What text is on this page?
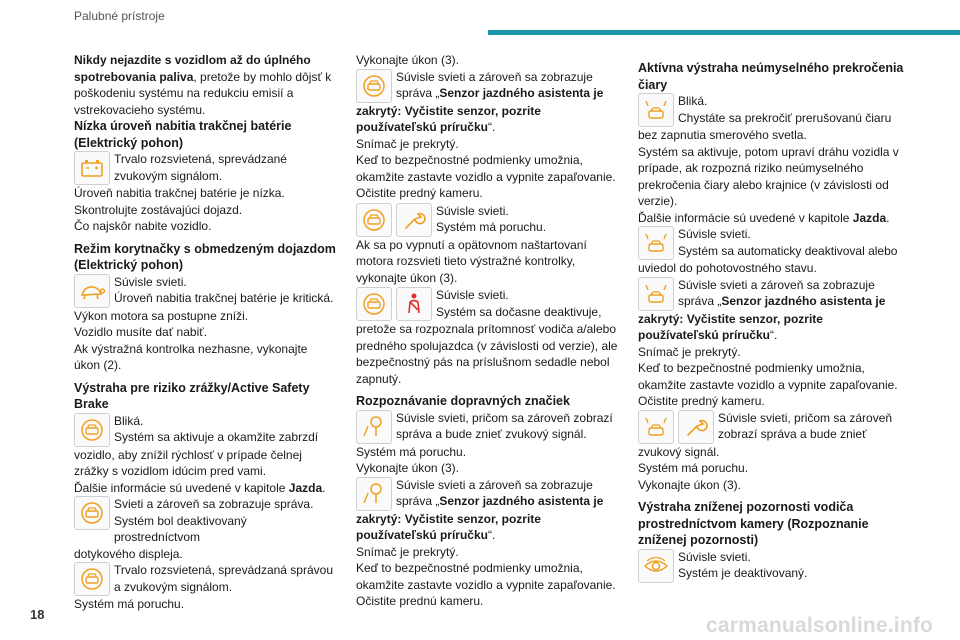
Palubné prístroje

Nikdy nejazdite s vozidlom až do úplného spotrebovania paliva, pretože by mohlo dôjsť k poškodeniu systému na redukciu emisií a vstrekovacieho systému.

Nízka úroveň nabitia trakčnej batérie (Elektrický pohon)

Trvalo rozsvietená, sprevádzané

zvukovým signálom.

Úroveň nabitia trakčnej batérie je nízka.

Skontrolujte zostávajúci dojazd.

Čo najskôr nabite vozidlo.

Režim korytnačky s obmedzeným dojazdom (Elektrický pohon)

Súvisle svieti.

Úroveň nabitia trakčnej batérie je kritická.

Výkon motora sa postupne zníži.

Vozidlo musíte dať nabiť.

Ak výstražná kontrolka nezhasne, vykonajte úkon (2).

Výstraha pre riziko zrážky/Active Safety Brake

Bliká.

Systém sa aktivuje a okamžite zabrzdí

vozidlo, aby znížil rýchlosť v prípade čelnej zrážky s vozidlom idúcim pred vami.

Ďalšie informácie sú uvedené v kapitole Jazda.

Svieti a zároveň sa zobrazuje správa.

Systém bol deaktivovaný prostredníctvom

dotykového displeja.

Trvalo rozsvietená, sprevádzaná správou

a zvukovým signálom.

Systém má poruchu.

Vykonajte úkon (3).

Súvisle svieti a zároveň sa zobrazuje

správa „Senzor jazdného asistenta je

zakrytý: Vyčistite senzor, pozrite používateľskú príručku“.

Snímač je prekrytý.

Keď to bezpečnostné podmienky umožnia, okamžite zastavte vozidlo a vypnite zapaľovanie.

Očistite predný kameru.

Súvisle svieti.

Systém má poruchu.

Ak sa po vypnutí a opätovnom naštartovaní motora rozsvieti tieto výstražné kontrolky, vykonajte úkon (3).

Súvisle svieti.

Systém sa dočasne deaktivuje,

pretože sa rozpoznala prítomnosť vodiča a/alebo predného spolujazdca (v závislosti od verzie), ale bezpečnostný pás na príslušnom sedadle nebol zapnutý.

Rozpoznávanie dopravných značiek

Súvisle svieti, pričom sa zároveň zobrazí

správa a bude znieť zvukový signál.

Systém má poruchu.

Vykonajte úkon (3).

Súvisle svieti a zároveň sa zobrazuje

správa „Senzor jazdného asistenta je

zakrytý: Vyčistite senzor, pozrite používateľskú príručku“.

Snímač je prekrytý.

Keď to bezpečnostné podmienky umožnia, okamžite zastavte vozidlo a vypnite zapaľovanie.

Očistite prednú kameru.

Aktívna výstraha neúmyselného prekročenia čiary

Bliká.

Chystáte sa prekročiť prerušovanú čiaru

bez zapnutia smerového svetla.

Systém sa aktivuje, potom upraví dráhu vozidla v prípade, ak rozpozná riziko neúmyselného prekročenia čiary alebo krajnice (v závislosti od verzie).

Ďalšie informácie sú uvedené v kapitole Jazda.

Súvisle svieti.

Systém sa automaticky deaktivoval alebo

uviedol do pohotovostného stavu.

Súvisle svieti a zároveň sa zobrazuje

správa „Senzor jazdného asistenta je

zakrytý: Vyčistite senzor, pozrite používateľskú príručku“.

Snímač je prekrytý.

Keď to bezpečnostné podmienky umožnia, okamžite zastavte vozidlo a vypnite zapaľovanie.

Očistite predný kameru.

Súvisle svieti, pričom sa zároveň

zobrazí správa a bude znieť

zvukový signál.

Systém má poruchu.

Vykonajte úkon (3).

Výstraha zníženej pozornosti vodiča prostredníctvom kamery (Rozpoznanie zníženej pozornosti)

Súvisle svieti.

Systém je deaktivovaný.

18	carmanualsonline.info
